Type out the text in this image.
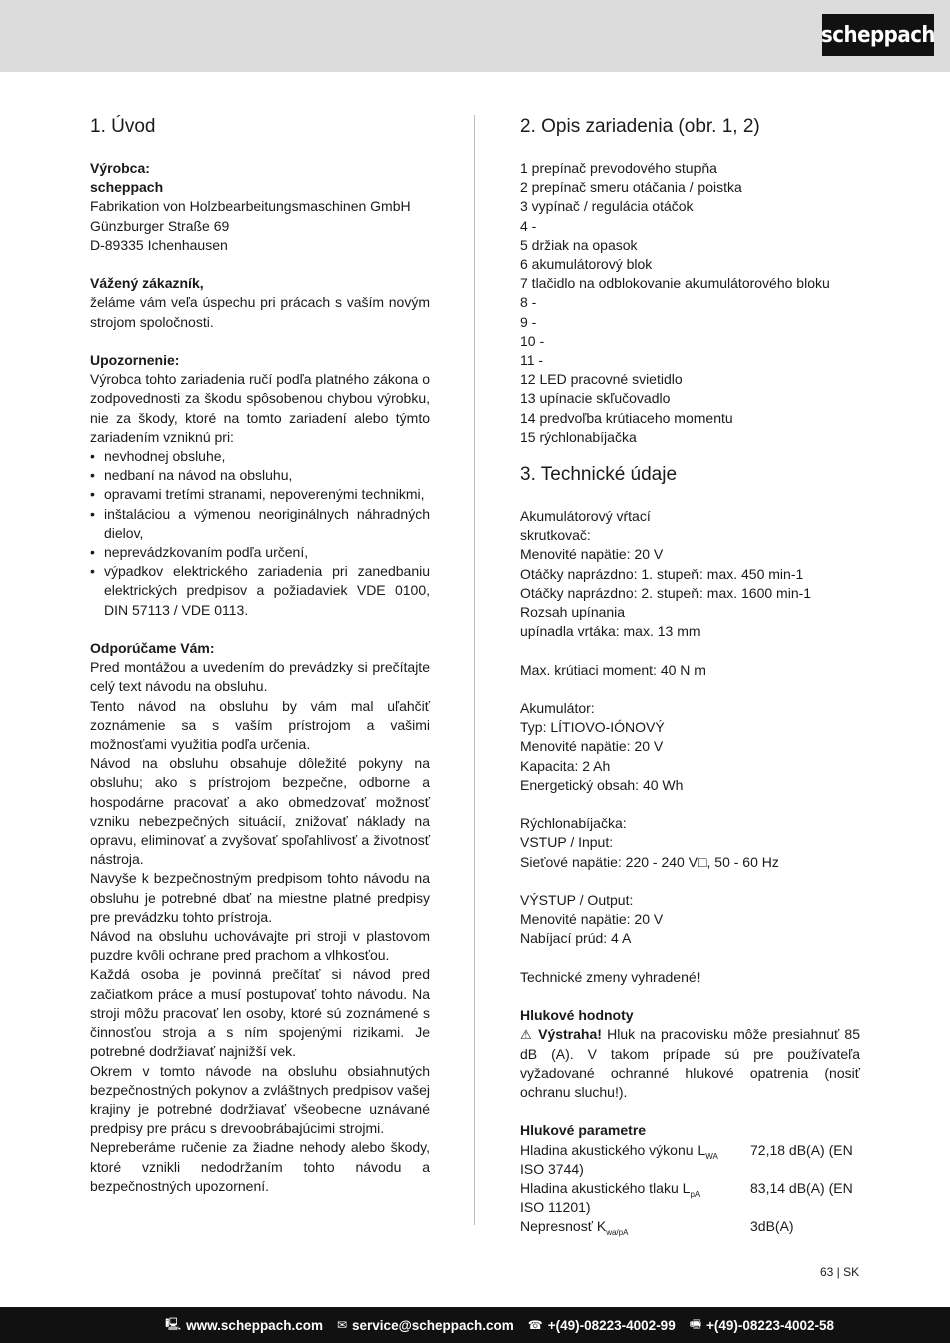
scheppach
1. Úvod

Výrobca:

scheppach

Fabrikation von Holzbearbeitungsmaschinen GmbH

Günzburger Straße 69

D-89335 Ichenhausen

Vážený zákazník,

želáme vám veľa úspechu pri prácach s vaším novým strojom spoločnosti.

Upozornenie:

Výrobca tohto zariadenia ručí podľa platného zákona o zodpovednosti za škodu spôsobenou chybou výrobku, nie za škody, ktoré na tomto zariadení alebo týmto zariadením vzniknú pri:

• nevhodnej obsluhe,
• nedbaní na návod na obsluhu,
• opravami tretími stranami, nepoverenými technikmi,
• inštaláciou a výmenou neoriginálnych náhradných dielov,
• neprevádzkovaním podľa určení,
• výpadkov elektrického zariadenia pri zanedbaniu elektrických predpisov a požiadaviek VDE 0100, DIN 57113 / VDE 0113.

Odporúčame Vám:

Pred montážou a uvedením do prevádzky si prečítajte celý text návodu na obsluhu.

Tento návod na obsluhu by vám mal uľahčiť zoznámenie sa s vaším prístrojom a vašimi možnosťami využitia podľa určenia.

Návod na obsluhu obsahuje dôležité pokyny na obsluhu; ako s prístrojom bezpečne, odborne a hospodárne pracovať a ako obmedzovať možnosť vzniku nebezpečných situácií, znižovať náklady na opravu, eliminovať a zvyšovať spoľahlivosť a životnosť nástroja.

Navyše k bezpečnostným predpisom tohto návodu na obsluhu je potrebné dbať na miestne platné predpisy pre prevádzku tohto prístroja.

Návod na obsluhu uchovávajte pri stroji v plastovom puzdre kvôli ochrane pred prachom a vlhkosťou.

Každá osoba je povinná prečítať si návod pred začiatkom práce a musí postupovať tohto návodu. Na stroji môžu pracovať len osoby, ktoré sú zoznámené s činnosťou stroja a s ním spojenými rizikami. Je potrebné dodržiavať najnižší vek.

Okrem v tomto návode na obsluhu obsiahnutých bezpečnostných pokynov a zvláštnych predpisov vašej krajiny je potrebné dodržiavať všeobecne uznávané predpisy pre prácu s drevoobrábajúcimi strojmi.

Nepreberáme ručenie za žiadne nehody alebo škody, ktoré vznikli nedodržaním tohto návodu a bezpečnostných upozornení.

2. Opis zariadenia (obr. 1, 2)

1 prepínač prevodového stupňa

2 prepínač smeru otáčania / poistka

3 vypínač / regulácia otáčok

4 -

5 držiak na opasok

6 akumulátorový blok

7 tlačidlo na odblokovanie akumulátorového bloku

8 -

9 -

10 -

11 -

12 LED pracovné svietidlo

13 upínacie skľučovadlo

14 predvoľba krútiaceho momentu

15 rýchlonabíjačka

3. Technické údaje

Akumulátorový vŕtací

skrutkovač:

Menovité napätie: 20 V

Otáčky naprázdno: 1. stupeň: max. 450 min-1

Otáčky naprázdno: 2. stupeň: max. 1600 min-1

Rozsah upínania

upínadla vrtáka: max. 13 mm

Max. krútiaci moment: 40 N m

Akumulátor:

Typ: LÍTIOVO-IÓNOVÝ

Menovité napätie: 20 V

Kapacita: 2 Ah

Energetický obsah: 40 Wh

Rýchlonabíjačka:

VSTUP / Input:

Sieťové napätie: 220 - 240 V□, 50 - 60 Hz

VÝSTUP / Output:

Menovité napätie: 20 V

Nabíjací prúd: 4 A

Technické zmeny vyhradené!

Hlukové hodnoty

⚠ Výstraha! Hluk na pracovisku môže presiahnuť 85 dB (A). V takom prípade sú pre používateľa vyžadované ochranné hlukové opatrenia (nosiť ochranu sluchu!).

Hlukové parametre

Hladina akustického výkonu $L_{WA}$	72,18 dB(A) (EN

ISO 3744)

Hladina akustického tlaku $L_{pA}$	83,14 dB(A) (EN

ISO 11201)

Nepresnosť $K_{wa/pA}$	3dB(A)
63 | SK
🖳 www.scheppach.com ✉ service@scheppach.com ☎ +(49)-08223-4002-99 🖷 +(49)-08223-4002-58
